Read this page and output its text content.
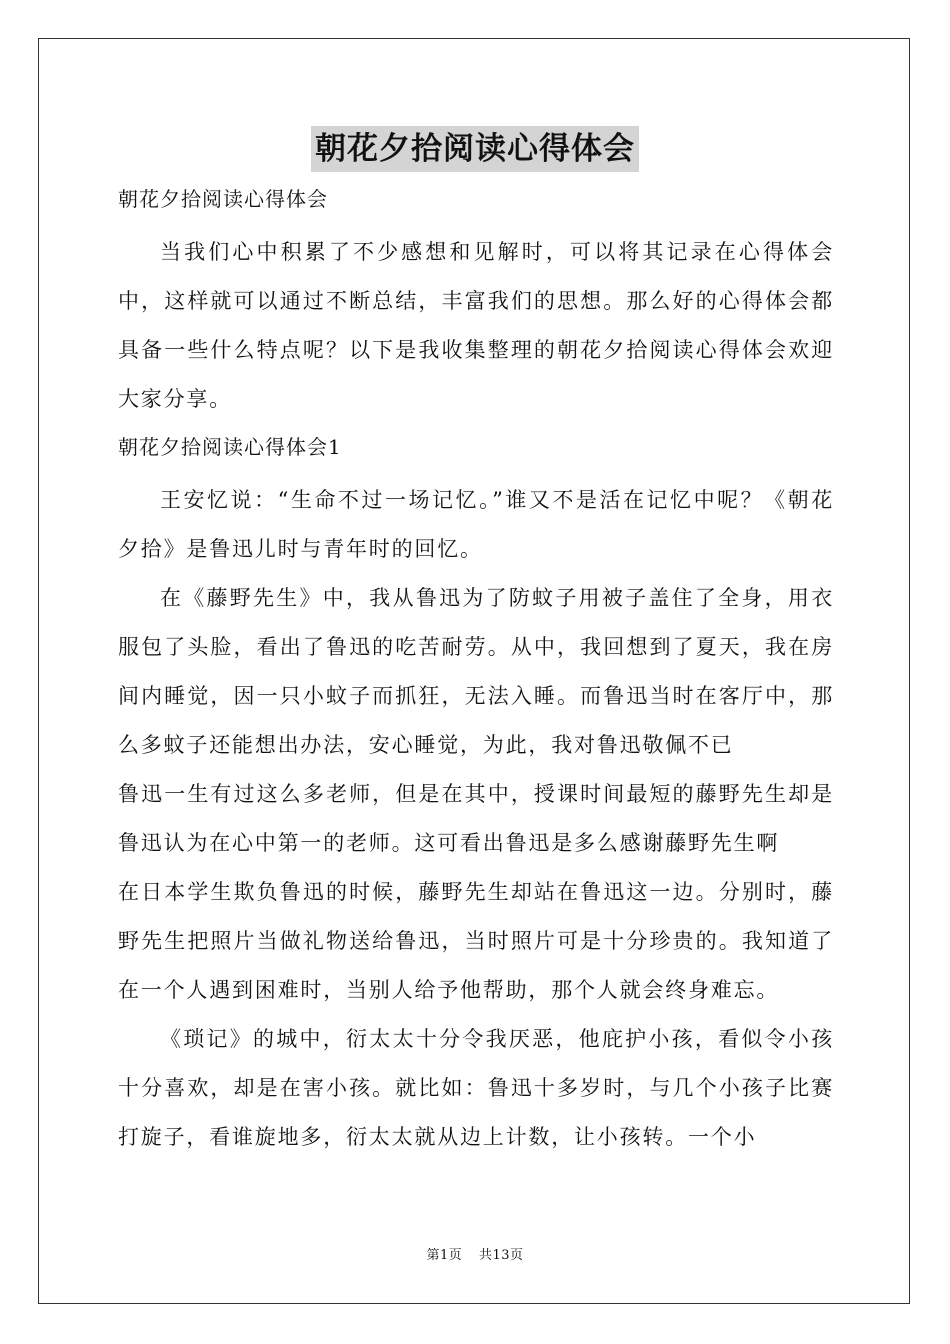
朝花夕拾阅读心得体会

朝花夕拾阅读心得体会

当我们心中积累了不少感想和见解时，可以将其记录在心得体会中，这样就可以通过不断总结，丰富我们的思想。那么好的心得体会都具备一些什么特点呢？以下是我收集整理的朝花夕拾阅读心得体会欢迎大家分享。

朝花夕拾阅读心得体会1

王安忆说：“生命不过一场记忆。”谁又不是活在记忆中呢？《朝花夕拾》是鲁迅儿时与青年时的回忆。

在《藤野先生》中，我从鲁迅为了防蚊子用被子盖住了全身，用衣服包了头脸，看出了鲁迅的吃苦耐劳。从中，我回想到了夏天，我在房间内睡觉，因一只小蚊子而抓狂，无法入睡。而鲁迅当时在客厅中，那么多蚊子还能想出办法，安心睡觉，为此，我对鲁迅敬佩不已

鲁迅一生有过这么多老师，但是在其中，授课时间最短的藤野先生却是鲁迅认为在心中第一的老师。这可看出鲁迅是多么感谢藤野先生啊

在日本学生欺负鲁迅的时候，藤野先生却站在鲁迅这一边。分别时，藤野先生把照片当做礼物送给鲁迅，当时照片可是十分珍贵的。我知道了在一个人遇到困难时，当别人给予他帮助，那个人就会终身难忘。

《琐记》的城中，衍太太十分令我厌恶，他庇护小孩，看似令小孩十分喜欢，却是在害小孩。就比如：鲁迅十多岁时，与几个小孩子比赛打旋子，看谁旋地多，衍太太就从边上计数，让小孩转。一个小

第1页 共13页
